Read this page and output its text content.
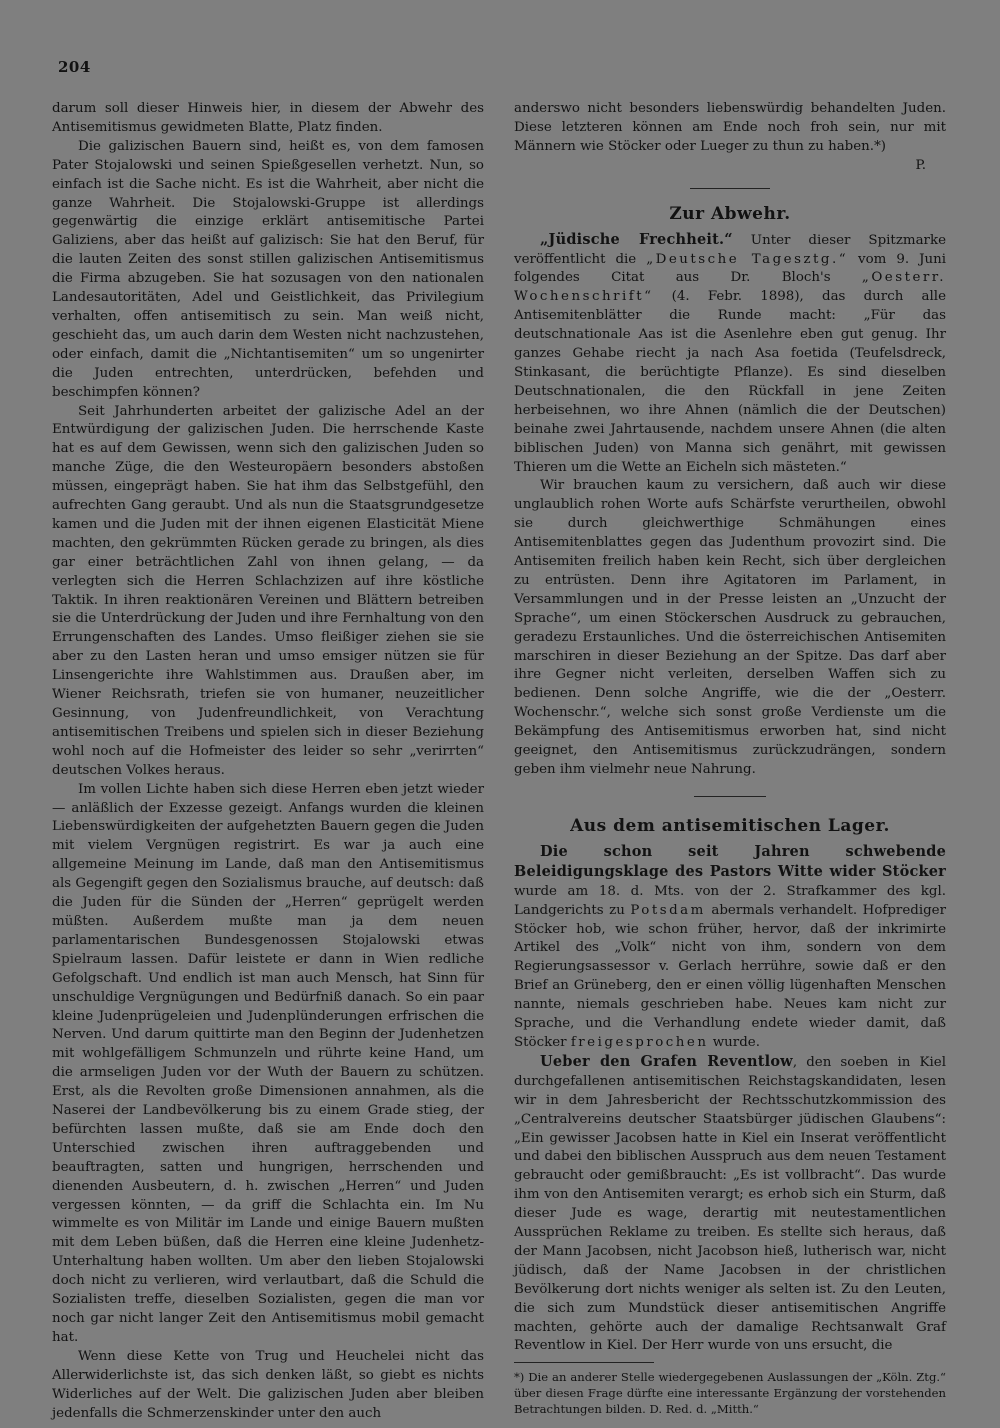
204

darum soll dieser Hinweis hier, in diesem der Abwehr des Antisemitismus gewidmeten Blatte, Platz finden.

Die galizischen Bauern sind, heißt es, von dem famosen Pater Stojalowski und seinen Spießgesellen verhetzt. Nun, so einfach ist die Sache nicht. Es ist die Wahrheit, aber nicht die ganze Wahrheit. Die Stojalowski-Gruppe ist allerdings gegenwärtig die einzige erklärt antisemitische Partei Galiziens, aber das heißt auf galizisch: Sie hat den Beruf, für die lauten Zeiten des sonst stillen galizischen Antisemitismus die Firma abzugeben. Sie hat sozusagen von den nationalen Landesautoritäten, Adel und Geistlichkeit, das Privilegium verhalten, offen antisemitisch zu sein. Man weiß nicht, geschieht das, um auch darin dem Westen nicht nachzustehen, oder einfach, damit die „Nichtantisemiten“ um so ungenirter die Juden entrechten, unterdrücken, befehden und beschimpfen können?

Seit Jahrhunderten arbeitet der galizische Adel an der Entwürdigung der galizischen Juden. Die herrschende Kaste hat es auf dem Gewissen, wenn sich den galizischen Juden so manche Züge, die den Westeuropäern besonders abstoßen müssen, eingeprägt haben. Sie hat ihm das Selbstgefühl, den aufrechten Gang geraubt. Und als nun die Staatsgrundgesetze kamen und die Juden mit der ihnen eigenen Elasticität Miene machten, den gekrümmten Rücken gerade zu bringen, als dies gar einer beträchtlichen Zahl von ihnen gelang, — da verlegten sich die Herren Schlachzizen auf ihre köstliche Taktik. In ihren reaktionären Vereinen und Blättern betreiben sie die Unterdrückung der Juden und ihre Fernhaltung von den Errungenschaften des Landes. Umso fleißiger ziehen sie sie aber zu den Lasten heran und umso emsiger nützen sie für Linsengerichte ihre Wahlstimmen aus. Draußen aber, im Wiener Reichsrath, triefen sie von humaner, neuzeitlicher Gesinnung, von Judenfreundlichkeit, von Verachtung antisemitischen Treibens und spielen sich in dieser Beziehung wohl noch auf die Hofmeister des leider so sehr „verirrten“ deutschen Volkes heraus.

Im vollen Lichte haben sich diese Herren eben jetzt wieder — anläßlich der Exzesse gezeigt. Anfangs wurden die kleinen Liebenswürdigkeiten der aufgehetzten Bauern gegen die Juden mit vielem Vergnügen registrirt. Es war ja auch eine allgemeine Meinung im Lande, daß man den Antisemitismus als Gegengift gegen den Sozialismus brauche, auf deutsch: daß die Juden für die Sünden der „Herren“ geprügelt werden müßten. Außerdem mußte man ja dem neuen parlamentarischen Bundesgenossen Stojalowski etwas Spielraum lassen. Dafür leistete er dann in Wien redliche Gefolgschaft. Und endlich ist man auch Mensch, hat Sinn für unschuldige Vergnügungen und Bedürfniß danach. So ein paar kleine Judenprügeleien und Judenplünderungen erfrischen die Nerven. Und darum quittirte man den Beginn der Judenhetzen mit wohlgefälligem Schmunzeln und rührte keine Hand, um die armseligen Juden vor der Wuth der Bauern zu schützen. Erst, als die Revolten große Dimensionen annahmen, als die Naserei der Landbevölkerung bis zu einem Grade stieg, der befürchten lassen mußte, daß sie am Ende doch den Unterschied zwischen ihren auftraggebenden und beauftragten, satten und hungrigen, herrschenden und dienenden Ausbeutern, d. h. zwischen „Herren“ und Juden vergessen könnten, — da griff die Schlachta ein. Im Nu wimmelte es von Militär im Lande und einige Bauern mußten mit dem Leben büßen, daß die Herren eine kleine Judenhetz-Unterhaltung haben wollten. Um aber den lieben Stojalowski doch nicht zu verlieren, wird verlautbart, daß die Schuld die Sozialisten treffe, dieselben Sozialisten, gegen die man vor noch gar nicht langer Zeit den Antisemitismus mobil gemacht hat.

Wenn diese Kette von Trug und Heuchelei nicht das Allerwiderlichste ist, das sich denken läßt, so giebt es nichts Widerliches auf der Welt. Die galizischen Juden aber bleiben jedenfalls die Schmerzenskinder unter den auch

anderswo nicht besonders liebenswürdig behandelten Juden. Diese letzteren können am Ende noch froh sein, nur mit Männern wie Stöcker oder Lueger zu thun zu haben.*)

P.

Zur Abwehr.

„Jüdische Frechheit.“ Unter dieser Spitzmarke veröffentlicht die „Deutsche Tagesztg.“ vom 9. Juni folgendes Citat aus Dr. Bloch's „Oesterr. Wochenschrift“ (4. Febr. 1898), das durch alle Antisemitenblätter die Runde macht: „Für das deutschnationale Aas ist die Asenlehre eben gut genug. Ihr ganzes Gehabe riecht ja nach Asa foetida (Teufelsdreck, Stinkasant, die berüchtigte Pflanze). Es sind dieselben Deutschnationalen, die den Rückfall in jene Zeiten herbeisehnen, wo ihre Ahnen (nämlich die der Deutschen) beinahe zwei Jahrtausende, nachdem unsere Ahnen (die alten biblischen Juden) von Manna sich genährt, mit gewissen Thieren um die Wette an Eicheln sich mästeten.“

Wir brauchen kaum zu versichern, daß auch wir diese unglaublich rohen Worte aufs Schärfste verurtheilen, obwohl sie durch gleichwerthige Schmähungen eines Antisemitenblattes gegen das Judenthum provozirt sind. Die Antisemiten freilich haben kein Recht, sich über dergleichen zu entrüsten. Denn ihre Agitatoren im Parlament, in Versammlungen und in der Presse leisten an „Unzucht der Sprache“, um einen Stöckerschen Ausdruck zu gebrauchen, geradezu Erstaunliches. Und die österreichischen Antisemiten marschiren in dieser Beziehung an der Spitze. Das darf aber ihre Gegner nicht verleiten, derselben Waffen sich zu bedienen. Denn solche Angriffe, wie die der „Oesterr. Wochenschr.“, welche sich sonst große Verdienste um die Bekämpfung des Antisemitismus erworben hat, sind nicht geeignet, den Antisemitismus zurückzudrängen, sondern geben ihm vielmehr neue Nahrung.

Aus dem antisemitischen Lager.

Die schon seit Jahren schwebende Beleidigungsklage des Pastors Witte wider Stöcker wurde am 18. d. Mts. von der 2. Strafkammer des kgl. Landgerichts zu Potsdam abermals verhandelt. Hofprediger Stöcker hob, wie schon früher, hervor, daß der inkrimirte Artikel des „Volk“ nicht von ihm, sondern von dem Regierungsassessor v. Gerlach herrühre, sowie daß er den Brief an Grüneberg, den er einen völlig lügenhaften Menschen nannte, niemals geschrieben habe. Neues kam nicht zur Sprache, und die Verhandlung endete wieder damit, daß Stöcker freigesprochen wurde.

Ueber den Grafen Reventlow, den soeben in Kiel durchgefallenen antisemitischen Reichstagskandidaten, lesen wir in dem Jahresbericht der Rechtsschutzkommission des „Centralvereins deutscher Staatsbürger jüdischen Glaubens“: „Ein gewisser Jacobsen hatte in Kiel ein Inserat veröffentlicht und dabei den biblischen Ausspruch aus dem neuen Testament gebraucht oder gemißbraucht: „Es ist vollbracht“. Das wurde ihm von den Antisemiten verargt; es erhob sich ein Sturm, daß dieser Jude es wage, derartig mit neutestamentlichen Aussprüchen Reklame zu treiben. Es stellte sich heraus, daß der Mann Jacobsen, nicht Jacobson hieß, lutherisch war, nicht jüdisch, daß der Name Jacobsen in der christlichen Bevölkerung dort nichts weniger als selten ist. Zu den Leuten, die sich zum Mundstück dieser antisemitischen Angriffe machten, gehörte auch der damalige Rechtsanwalt Graf Reventlow in Kiel. Der Herr wurde von uns ersucht, die

*) Die an anderer Stelle wiedergegebenen Auslassungen der „Köln. Ztg.“ über diesen Frage dürfte eine interessante Ergänzung der vorstehenden Betrachtungen bilden. D. Red. d. „Mitth.“
